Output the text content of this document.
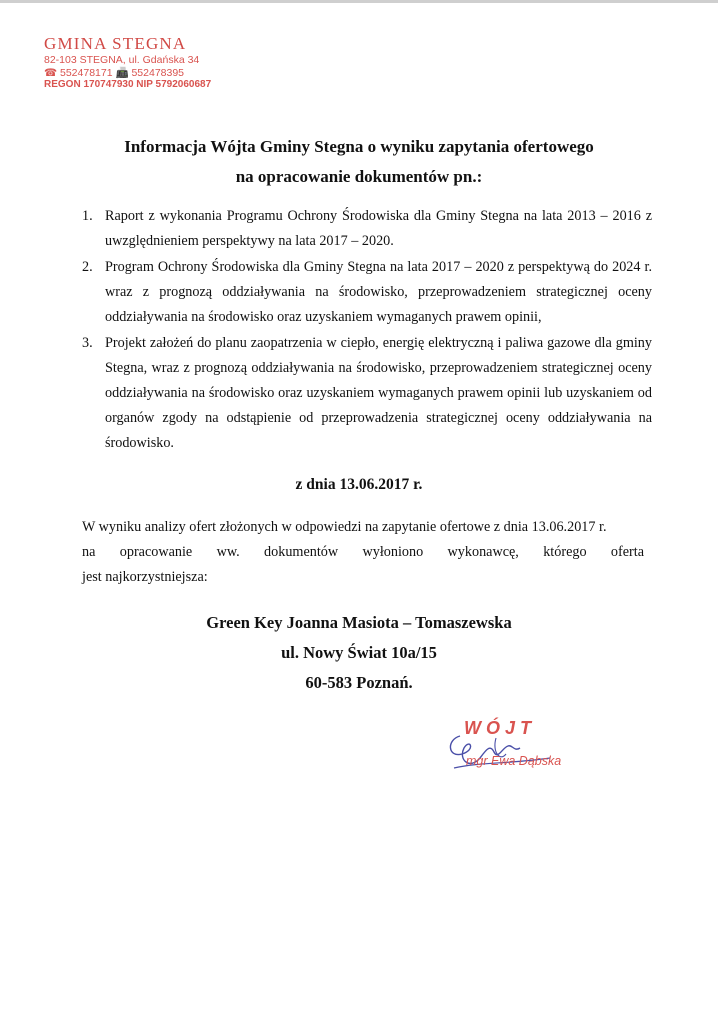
GMINA STEGNA
82-103 STEGNA, ul. Gdańska 34
☎ 552478171 📠 552478395
REGON 170747930 NIP 5792060687
Informacja Wójta Gminy Stegna o wyniku zapytania ofertowego
na opracowanie dokumentów pn.:
1. Raport z wykonania Programu Ochrony Środowiska dla Gminy Stegna na lata 2013 – 2016 z uwzględnieniem perspektywy na lata 2017 – 2020.
2. Program Ochrony Środowiska dla Gminy Stegna na lata 2017 – 2020 z perspektywą do 2024 r. wraz z prognozą oddziaływania na środowisko, przeprowadzeniem strategicznej oceny oddziaływania na środowisko oraz uzyskaniem wymaganych prawem opinii,
3. Projekt założeń do planu zaopatrzenia w ciepło, energię elektryczną i paliwa gazowe dla gminy Stegna, wraz z prognozą oddziaływania na środowisko, przeprowadzeniem strategicznej oceny oddziaływania na środowisko oraz uzyskaniem wymaganych prawem opinii lub uzyskaniem od organów zgody na odstąpienie od przeprowadzenia strategicznej oceny oddziaływania na środowisko.
z dnia 13.06.2017 r.
W wyniku analizy ofert złożonych w odpowiedzi na zapytanie ofertowe z dnia 13.06.2017 r.
na opracowanie ww. dokumentów wyłoniono wykonawcę, którego oferta
jest najkorzystniejsza:
Green Key Joanna Masiota – Tomaszewska
ul. Nowy Świat 10a/15
60-583 Poznań.
WÓJT
mgr Ewa Dąbska
